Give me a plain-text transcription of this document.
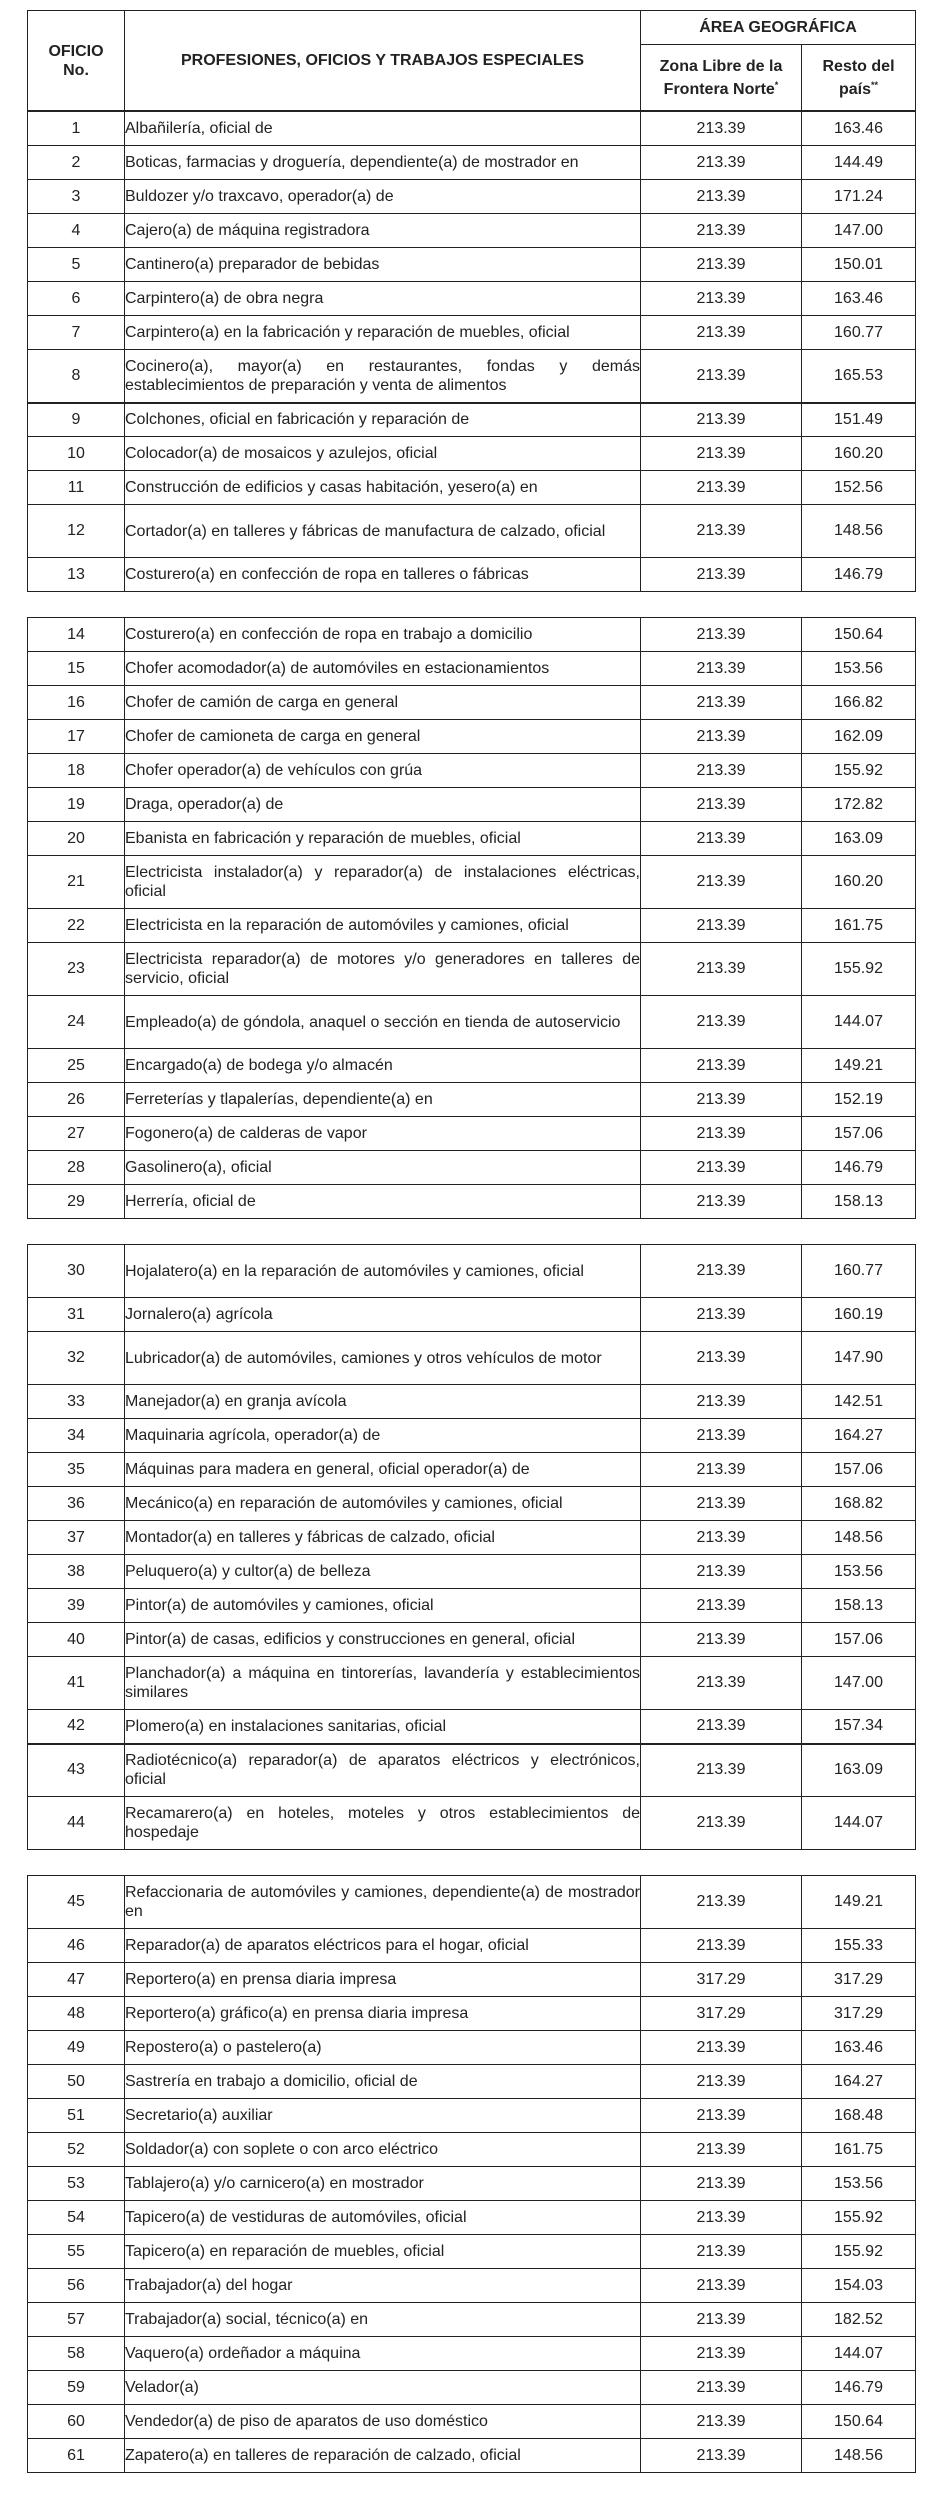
OFICIO
No.	PROFESIONES, OFICIOS Y TRABAJOS ESPECIALES	ÁREA GEOGRÁFICA	
		Zona Libre de la Frontera Norte*	Resto del país**
1	Albañilería, oficial de	213.39	163.46
2	Boticas, farmacias y droguería, dependiente(a) de mostrador en	213.39	144.49
3	Buldozer y/o traxcavo, operador(a) de	213.39	171.24
4	Cajero(a) de máquina registradora	213.39	147.00
5	Cantinero(a) preparador de bebidas	213.39	150.01
6	Carpintero(a) de obra negra	213.39	163.46
7	Carpintero(a) en la fabricación y reparación de muebles, oficial	213.39	160.77
8	Cocinero(a), mayor(a) en restaurantes, fondas y demás establecimientos de preparación y venta de alimentos	213.39	165.53
9	Colchones, oficial en fabricación y reparación de	213.39	151.49
10	Colocador(a) de mosaicos y azulejos, oficial	213.39	160.20
11	Construcción de edificios y casas habitación, yesero(a) en	213.39	152.56
12	Cortador(a) en talleres y fábricas de manufactura de calzado, oficial	213.39	148.56
13	Costurero(a) en confección de ropa en talleres o fábricas	213.39	146.79
14	Costurero(a) en confección de ropa en trabajo a domicilio	213.39	150.64
15	Chofer acomodador(a) de automóviles en estacionamientos	213.39	153.56
16	Chofer de camión de carga en general	213.39	166.82
17	Chofer de camioneta de carga en general	213.39	162.09
18	Chofer operador(a) de vehículos con grúa	213.39	155.92
19	Draga, operador(a) de	213.39	172.82
20	Ebanista en fabricación y reparación de muebles, oficial	213.39	163.09
21	Electricista instalador(a) y reparador(a) de instalaciones eléctricas, oficial	213.39	160.20
22	Electricista en la reparación de automóviles y camiones, oficial	213.39	161.75
23	Electricista reparador(a) de motores y/o generadores en talleres de servicio, oficial	213.39	155.92
24	Empleado(a) de góndola, anaquel o sección en tienda de autoservicio	213.39	144.07
25	Encargado(a) de bodega y/o almacén	213.39	149.21
26	Ferreterías y tlapalerías, dependiente(a) en	213.39	152.19
27	Fogonero(a) de calderas de vapor	213.39	157.06
28	Gasolinero(a), oficial	213.39	146.79
29	Herrería, oficial de	213.39	158.13
30	Hojalatero(a) en la reparación de automóviles y camiones, oficial	213.39	160.77
31	Jornalero(a) agrícola	213.39	160.19
32	Lubricador(a) de automóviles, camiones y otros vehículos de motor	213.39	147.90
33	Manejador(a) en granja avícola	213.39	142.51
34	Maquinaria agrícola, operador(a) de	213.39	164.27
35	Máquinas para madera en general, oficial operador(a) de	213.39	157.06
36	Mecánico(a) en reparación de automóviles y camiones, oficial	213.39	168.82
37	Montador(a) en talleres y fábricas de calzado, oficial	213.39	148.56
38	Peluquero(a) y cultor(a) de belleza	213.39	153.56
39	Pintor(a) de automóviles y camiones, oficial	213.39	158.13
40	Pintor(a) de casas, edificios y construcciones en general, oficial	213.39	157.06
41	Planchador(a) a máquina en tintorerías, lavandería y establecimientos similares	213.39	147.00
42	Plomero(a) en instalaciones sanitarias, oficial	213.39	157.34
43	Radiotécnico(a) reparador(a) de aparatos eléctricos y electrónicos, oficial	213.39	163.09
44	Recamarero(a) en hoteles, moteles y otros establecimientos de hospedaje	213.39	144.07
45	Refaccionaria de automóviles y camiones, dependiente(a) de mostrador en	213.39	149.21
46	Reparador(a) de aparatos eléctricos para el hogar, oficial	213.39	155.33
47	Reportero(a) en prensa diaria impresa	317.29	317.29
48	Reportero(a) gráfico(a) en prensa diaria impresa	317.29	317.29
49	Repostero(a) o pastelero(a)	213.39	163.46
50	Sastrería en trabajo a domicilio, oficial de	213.39	164.27
51	Secretario(a) auxiliar	213.39	168.48
52	Soldador(a) con soplete o con arco eléctrico	213.39	161.75
53	Tablajero(a) y/o carnicero(a) en mostrador	213.39	153.56
54	Tapicero(a) de vestiduras de automóviles, oficial	213.39	155.92
55	Tapicero(a) en reparación de muebles, oficial	213.39	155.92
56	Trabajador(a) del hogar	213.39	154.03
57	Trabajador(a) social, técnico(a) en	213.39	182.52
58	Vaquero(a) ordeñador a máquina	213.39	144.07
59	Velador(a)	213.39	146.79
60	Vendedor(a) de piso de aparatos de uso doméstico	213.39	150.64
61	Zapatero(a) en talleres de reparación de calzado, oficial	213.39	148.56
